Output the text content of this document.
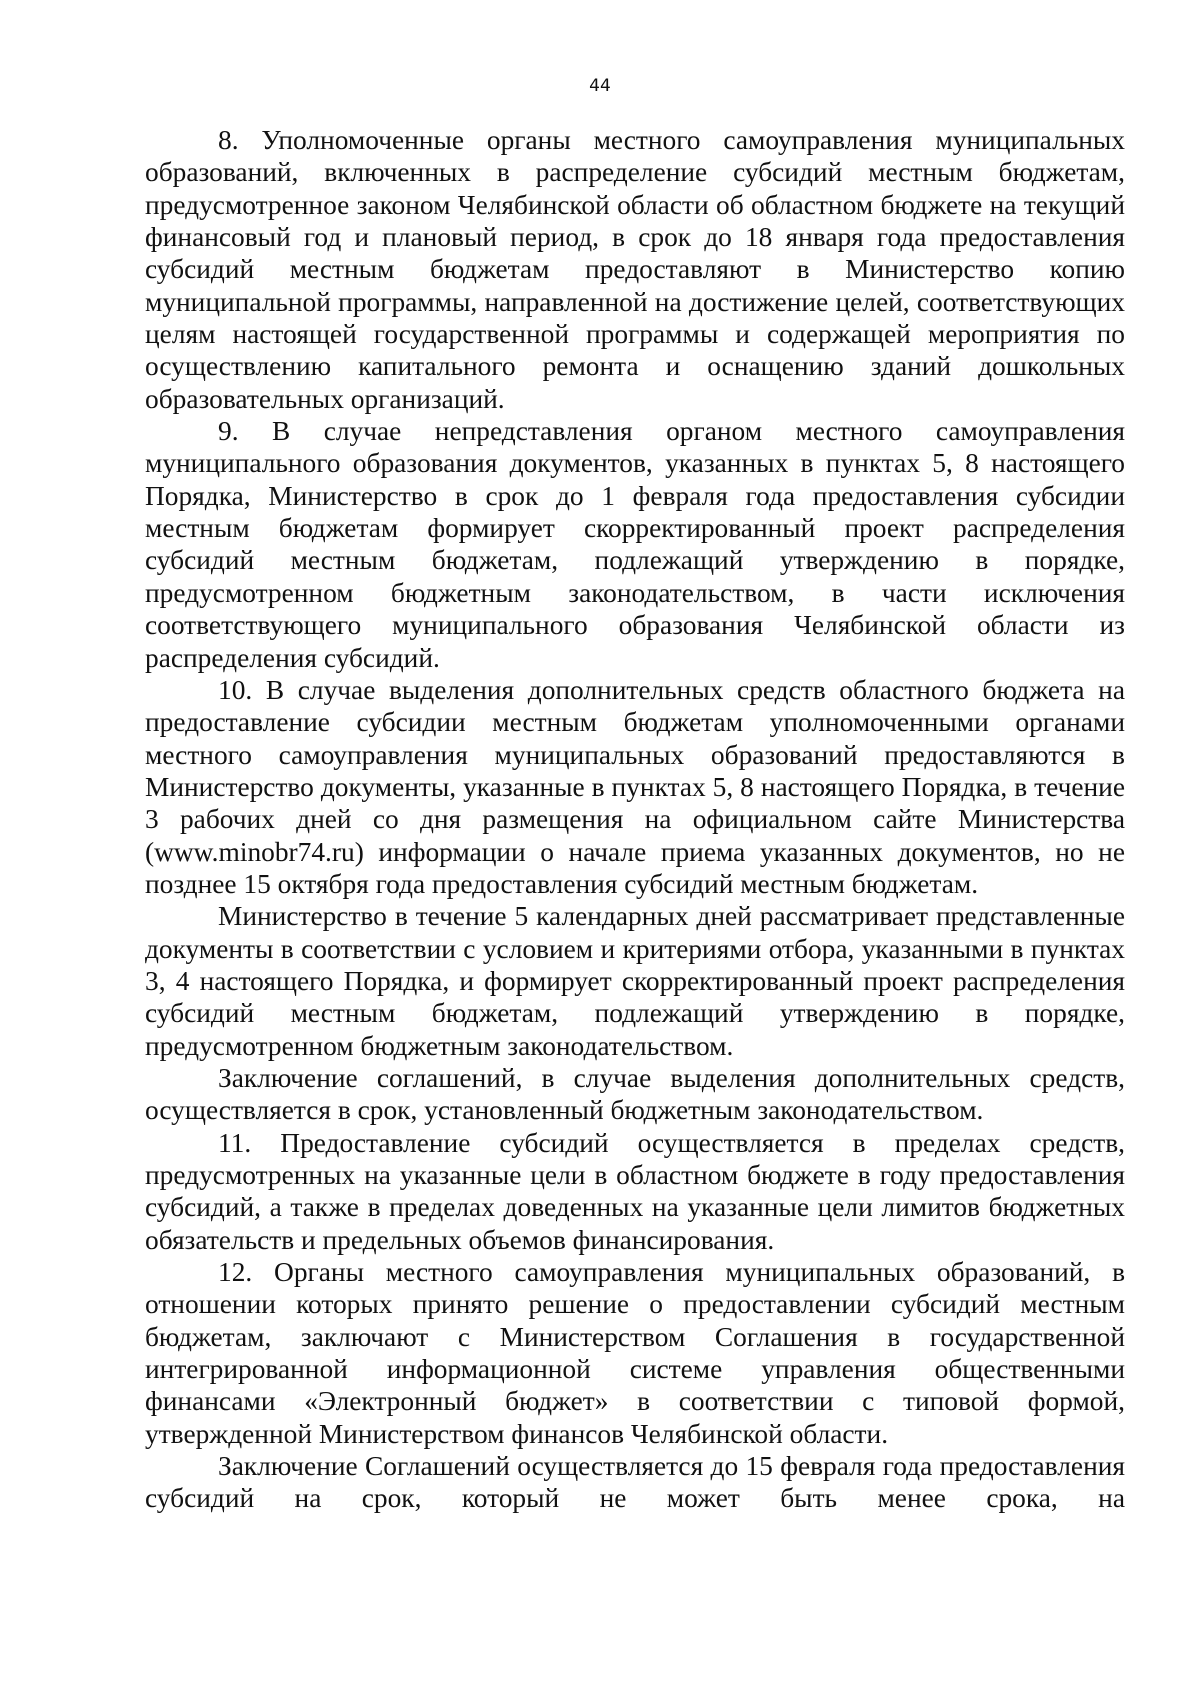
44

8. Уполномоченные органы местного самоуправления муниципальных образований, включенных в распределение субсидий местным бюджетам, предусмотренное законом Челябинской области об областном бюджете на текущий финансовый год и плановый период, в срок до 18 января года предоставления субсидий местным бюджетам предоставляют в Министерство копию муниципальной программы, направленной на достижение целей, соответствующих целям настоящей государственной программы и содержащей мероприятия по осуществлению капитального ремонта и оснащению зданий дошкольных образовательных организаций.

9. В случае непредставления органом местного самоуправления муниципального образования документов, указанных в пунктах 5, 8 настоящего Порядка, Министерство в срок до 1 февраля года предоставления субсидии местным бюджетам формирует скорректированный проект распределения субсидий местным бюджетам, подлежащий утверждению в порядке, предусмотренном бюджетным законодательством, в части исключения соответствующего муниципального образования Челябинской области из распределения субсидий.

10. В случае выделения дополнительных средств областного бюджета на предоставление субсидии местным бюджетам уполномоченными органами местного самоуправления муниципальных образований предоставляются в Министерство документы, указанные в пунктах 5, 8 настоящего Порядка, в течение 3 рабочих дней со дня размещения на официальном сайте Министерства (www.minobr74.ru) информации о начале приема указанных документов, но не позднее 15 октября года предоставления субсидий местным бюджетам.

Министерство в течение 5 календарных дней рассматривает представленные документы в соответствии с условием и критериями отбора, указанными в пунктах 3, 4 настоящего Порядка, и формирует скорректированный проект распределения субсидий местным бюджетам, подлежащий утверждению в порядке, предусмотренном бюджетным законодательством.

Заключение соглашений, в случае выделения дополнительных средств, осуществляется в срок, установленный бюджетным законодательством.

11. Предоставление субсидий осуществляется в пределах средств, предусмотренных на указанные цели в областном бюджете в году предоставления субсидий, а также в пределах доведенных на указанные цели лимитов бюджетных обязательств и предельных объемов финансирования.

12. Органы местного самоуправления муниципальных образований, в отношении которых принято решение о предоставлении субсидий местным бюджетам, заключают с Министерством Соглашения в государственной интегрированной информационной системе управления общественными финансами «Электронный бюджет» в соответствии с типовой формой, утвержденной Министерством финансов Челябинской области.

Заключение Соглашений осуществляется до 15 февраля года предоставления субсидий на срок, который не может быть менее срока, на
